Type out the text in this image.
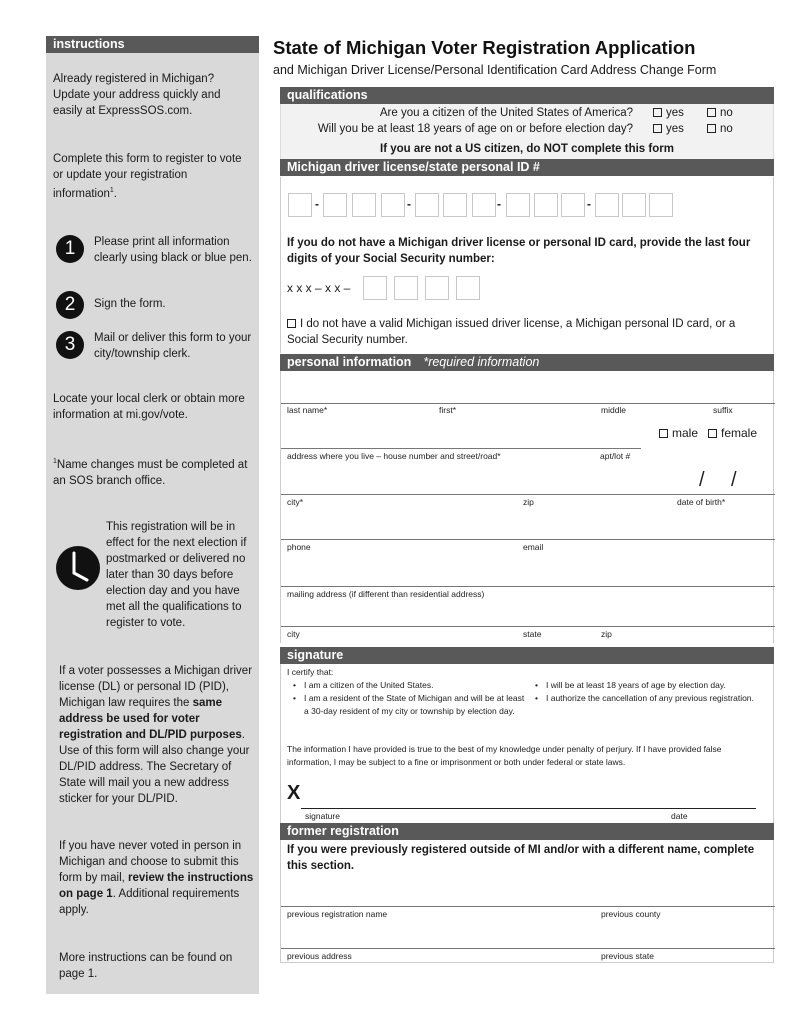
instructions
Already registered in Michigan? Update your address quickly and easily at ExpressSOS.com.
Complete this form to register to vote or update your registration information$^1$.
1	Please print all information clearly using black or blue pen.
2	Sign the form.
3	Mail or deliver this form to your city/township clerk.
Locate your local clerk or obtain more information at mi.gov/vote.
$^1$Name changes must be completed at an SOS branch office.
This registration will be in effect for the next election if postmarked or delivered no later than 30 days before election day and you have met all the qualifications to register to vote.
If a voter possesses a Michigan driver license (DL) or personal ID (PID), Michigan law requires the same address be used for voter registration and DL/PID purposes. Use of this form will also change your DL/PID address. The Secretary of State will mail you a new address sticker for your DL/PID.
If you have never voted in person in Michigan and choose to submit this form by mail, review the instructions on page 1. Additional requirements apply.
More instructions can be found on page 1.
State of Michigan Voter Registration Application
and Michigan Driver License/Personal Identification Card Address Change Form
qualifications
Are you a citizen of the United States of America?	yes	no
Will you be at least 18 years of age on or before election day?	yes	no
If you are not a US citizen, do NOT complete this form
Michigan driver license/state personal ID #
-	-	-	-
If you do not have a Michigan driver license or personal ID card, provide the last four digits of your Social Security number:
x x x – x x –
I do not have a valid Michigan issued driver license, a Michigan personal ID card, or a Social Security number.
personal information *required information
last name*	first*	middle	suffix
male	female
address where you live – house number and street/road*	apt/lot #
/ /
city*	zip	date of birth*
phone	email
mailing address (if different than residential address)
city	state	zip
signature
I certify that:
• I am a citizen of the United States.
• I am a resident of the State of Michigan and will be at least a 30-day resident of my city or township by election day.
• I will be at least 18 years of age by election day.
• I authorize the cancellation of any previous registration.
The information I have provided is true to the best of my knowledge under penalty of perjury. If I have provided false information, I may be subject to a fine or imprisonment or both under federal or state laws.
X
signature	date
former registration
If you were previously registered outside of MI and/or with a different name, complete this section.
previous registration name	previous county
previous address	previous state
